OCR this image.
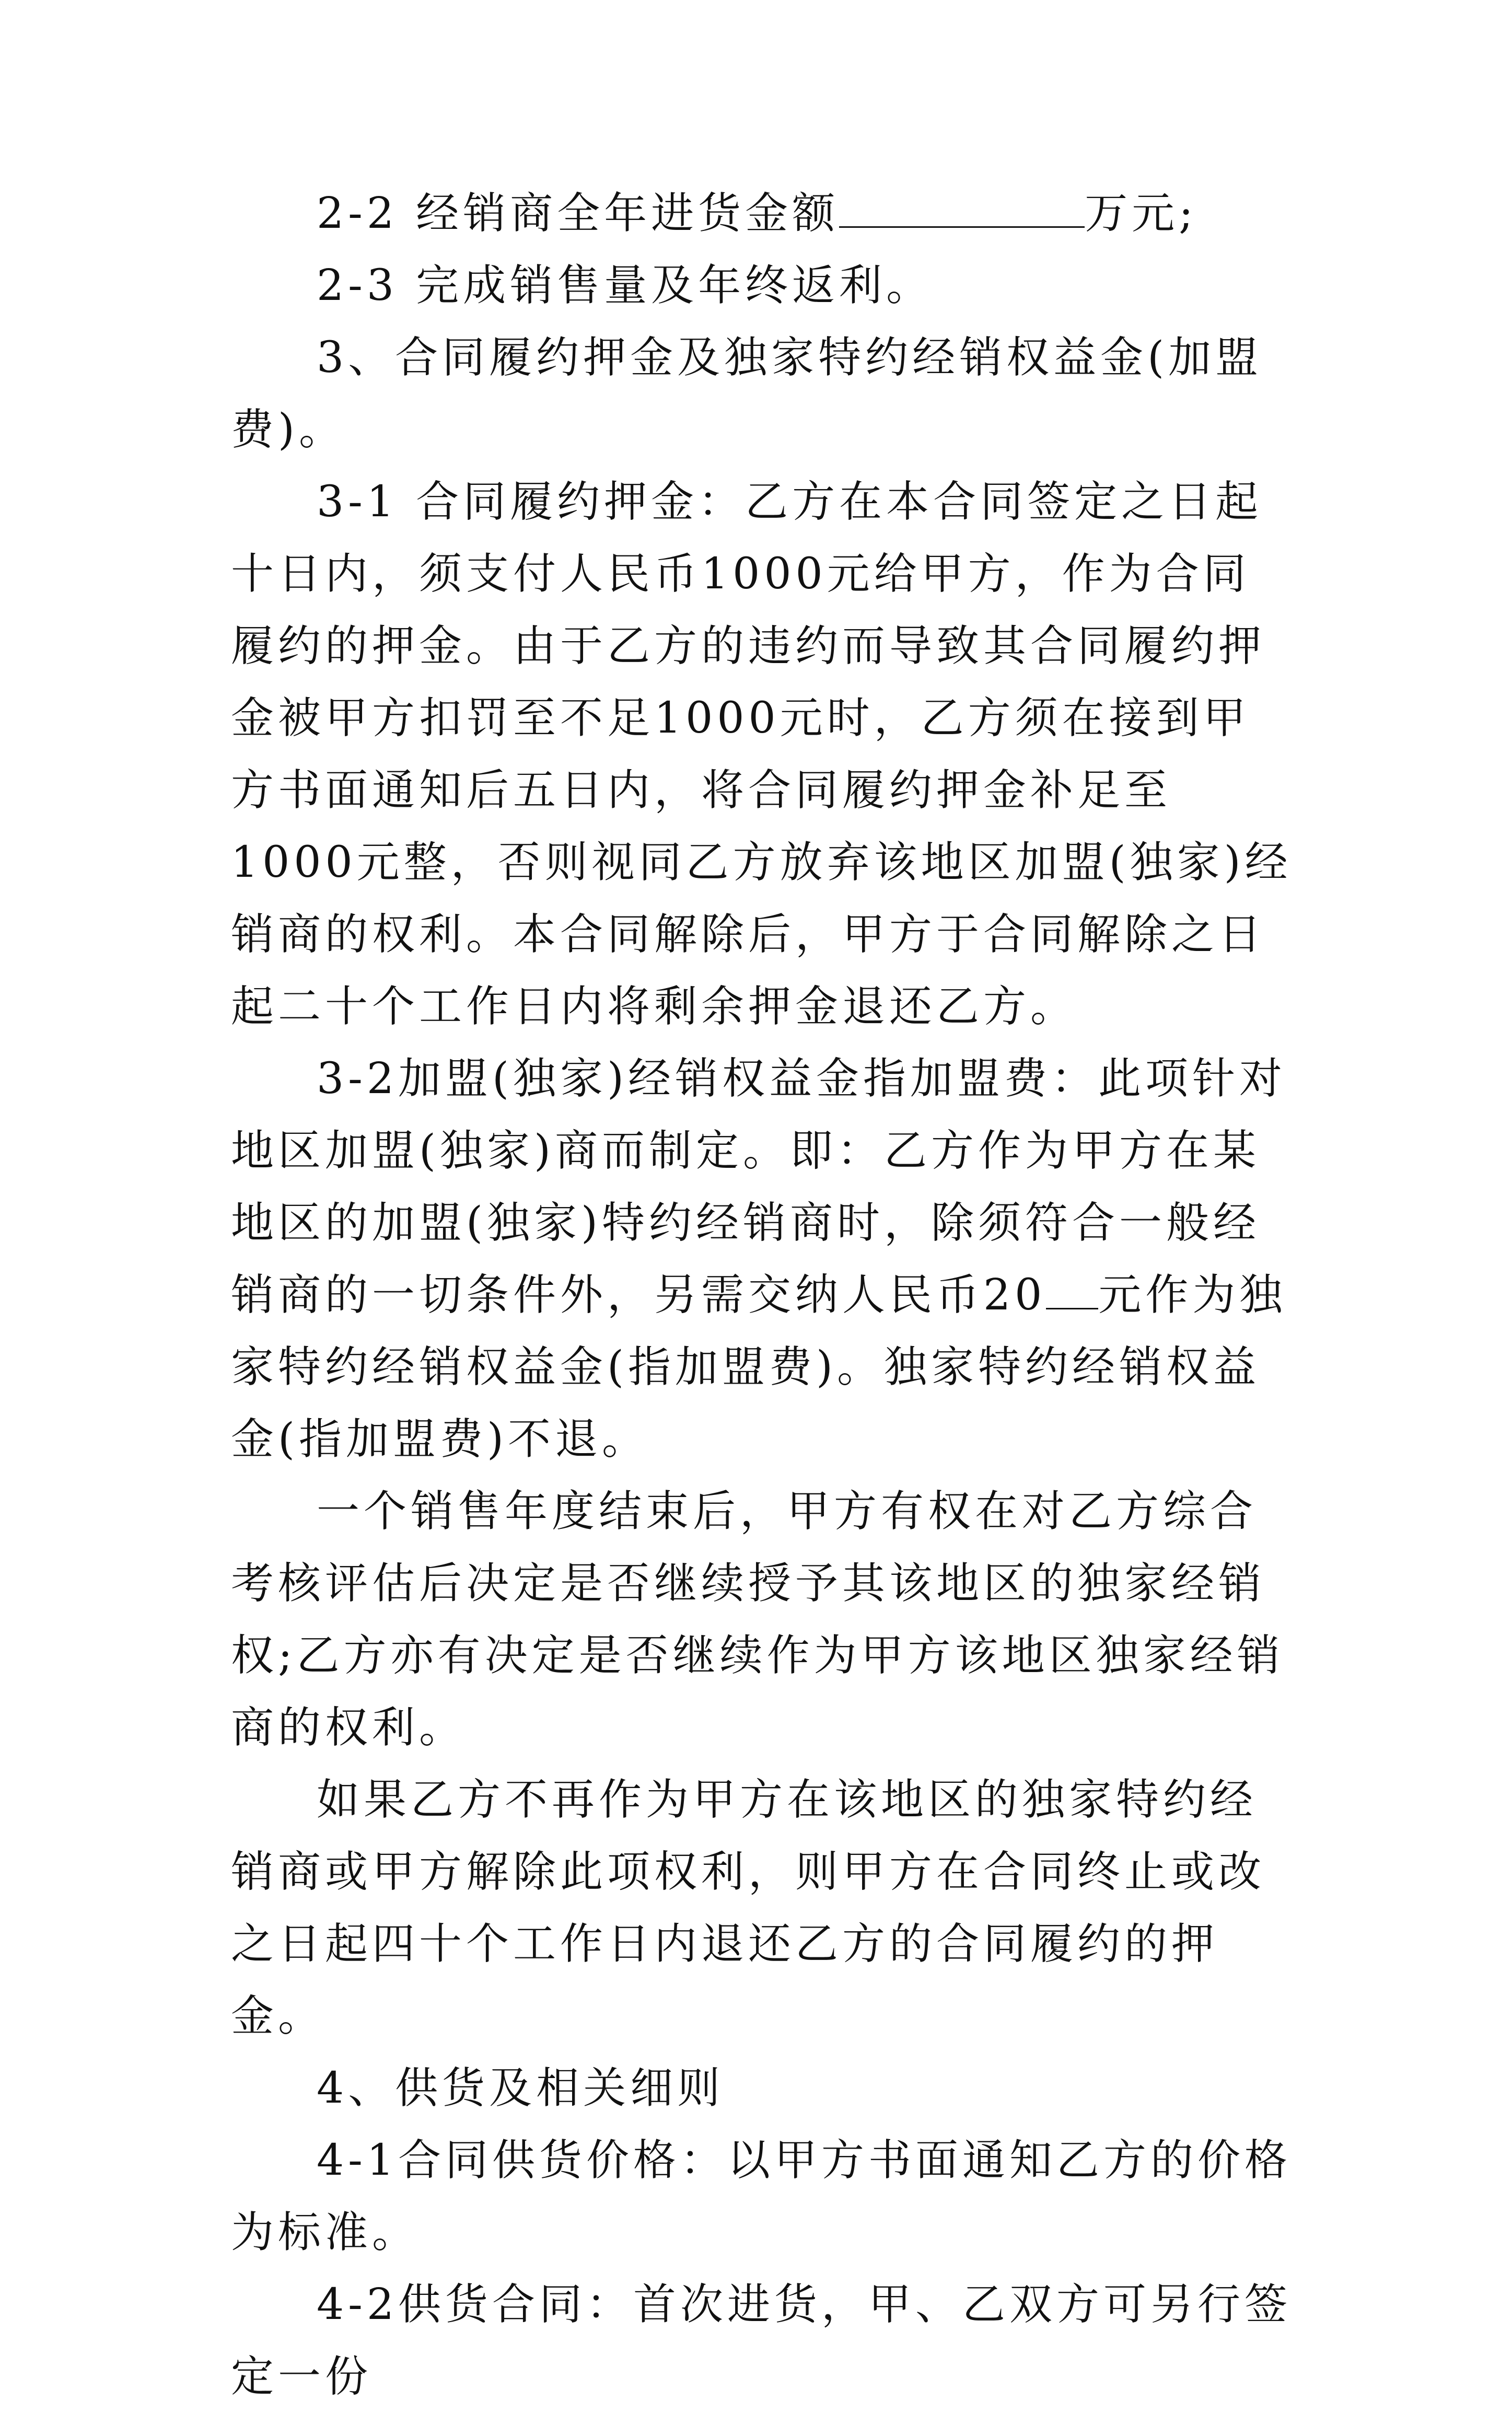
2-2 经销商全年进货金额	万元;

2-3 完成销售量及年终返利。

3、合同履约押金及独家特约经销权益金(加盟费)。

3-1 合同履约押金：乙方在本合同签定之日起十日内，须支付人民币1000元给甲方，作为合同履约的押金。由于乙方的违约而导致其合同履约押金被甲方扣罚至不足1000元时，乙方须在接到甲方书面通知后五日内，将合同履约押金补足至1000元整，否则视同乙方放弃该地区加盟(独家)经销商的权利。本合同解除后，甲方于合同解除之日起二十个工作日内将剩余押金退还乙方。

3-2加盟(独家)经销权益金指加盟费：此项针对地区加盟(独家)商而制定。即：乙方作为甲方在某地区的加盟(独家)特约经销商时，除须符合一般经销商的一切条件外，另需交纳人民币20 元作为独家特约经销权益金(指加盟费)。独家特约经销权益金(指加盟费)不退。

一个销售年度结束后，甲方有权在对乙方综合考核评估后决定是否继续授予其该地区的独家经销权;乙方亦有决定是否继续作为甲方该地区独家经销商的权利。

如果乙方不再作为甲方在该地区的独家特约经销商或甲方解除此项权利，则甲方在合同终止或改之日起四十个工作日内退还乙方的合同履约的押金。

4、供货及相关细则

4-1合同供货价格：以甲方书面通知乙方的价格为标准。

4-2供货合同：首次进货，甲、乙双方可另行签定一份
